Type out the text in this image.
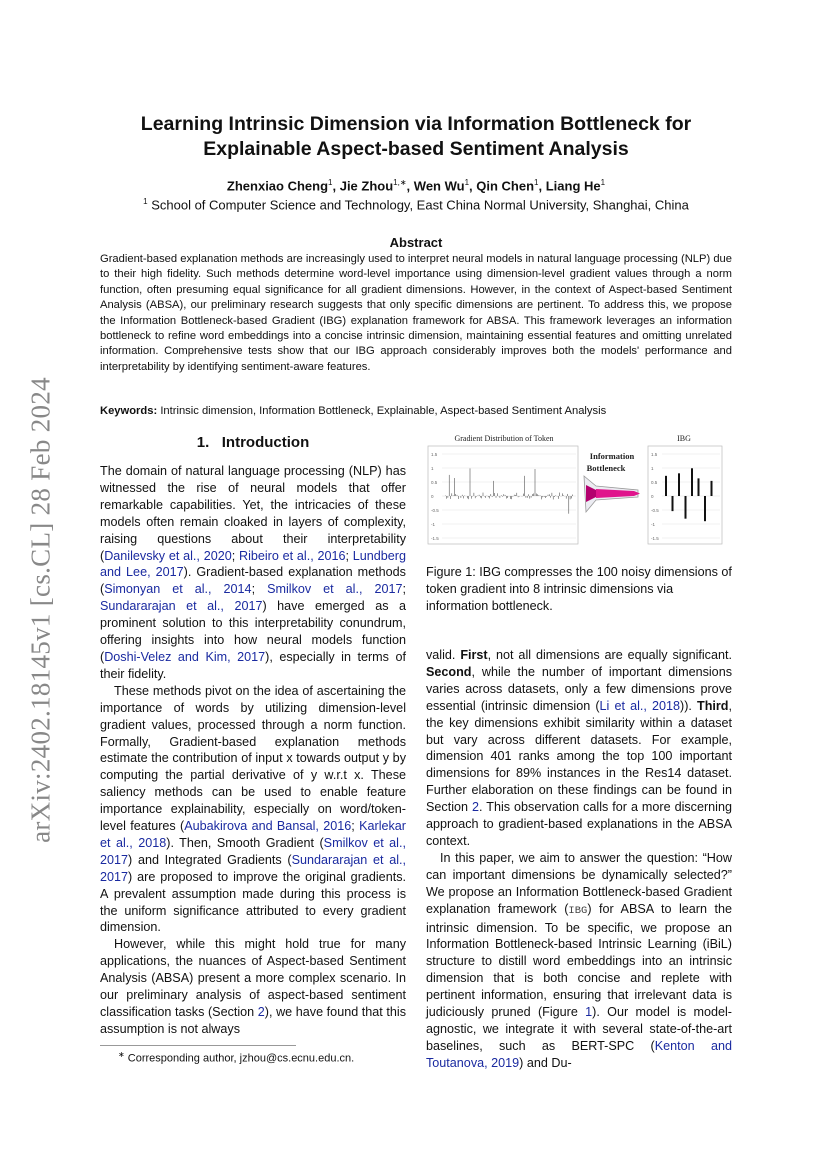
arXiv:2402.18145v1 [cs.CL] 28 Feb 2024
Learning Intrinsic Dimension via Information Bottleneck for Explainable Aspect-based Sentiment Analysis
Zhenxiao Cheng$^1$, Jie Zhou$^{1,∗}$, Wen Wu$^1$, Qin Chen$^1$, Liang He$^1$
$^1$ School of Computer Science and Technology, East China Normal University, Shanghai, China
Abstract
Gradient-based explanation methods are increasingly used to interpret neural models in natural language processing (NLP) due to their high fidelity. Such methods determine word-level importance using dimension-level gradient values through a norm function, often presuming equal significance for all gradient dimensions. However, in the context of Aspect-based Sentiment Analysis (ABSA), our preliminary research suggests that only specific dimensions are pertinent. To address this, we propose the Information Bottleneck-based Gradient (IBG) explanation framework for ABSA. This framework leverages an information bottleneck to refine word embeddings into a concise intrinsic dimension, maintaining essential features and omitting unrelated information. Comprehensive tests show that our IBG approach considerably improves both the models' performance and interpretability by identifying sentiment-aware features.
Keywords: Intrinsic dimension, Information Bottleneck, Explainable, Aspect-based Sentiment Analysis
1. Introduction

The domain of natural language processing (NLP) has witnessed the rise of neural models that offer remarkable capabilities. Yet, the intricacies of these models often remain cloaked in layers of complexity, raising questions about their interpretability (Danilevsky et al., 2020; Ribeiro et al., 2016; Lundberg and Lee, 2017). Gradient-based explanation methods (Simonyan et al., 2014; Smilkov et al., 2017; Sundararajan et al., 2017) have emerged as a prominent solution to this interpretability conundrum, offering insights into how neural models function (Doshi-Velez and Kim, 2017), especially in terms of their fidelity.

These methods pivot on the idea of ascertaining the importance of words by utilizing dimension-level gradient values, processed through a norm function. Formally, Gradient-based explanation methods estimate the contribution of input x towards output y by computing the partial derivative of y w.r.t x. These saliency methods can be used to enable feature importance explainability, especially on word/token-level features (Aubakirova and Bansal, 2016; Karlekar et al., 2018). Then, Smooth Gradient (Smilkov et al., 2017) and Integrated Gradients (Sundararajan et al., 2017) are proposed to improve the original gradients. A prevalent assumption made during this process is the uniform significance attributed to every gradient dimension.

However, while this might hold true for many applications, the nuances of Aspect-based Sentiment Analysis (ABSA) present a more complex scenario. In our preliminary analysis of aspect-based sentiment classification tasks (Section 2), we have found that this assumption is not always

Gradient Distribution of Token	IBG
1.5
1
0.5
0
-0.5
-1
-1.5
1.5
1
0.5
0
-0.5
-1
-1.5
Information
Bottleneck
Figure 1: IBG compresses the 100 noisy dimensions of token gradient into 8 intrinsic dimensions via information bottleneck.

valid. First, not all dimensions are equally significant. Second, while the number of important dimensions varies across datasets, only a few dimensions prove essential (intrinsic dimension (Li et al., 2018)). Third, the key dimensions exhibit similarity within a dataset but vary across different datasets. For example, dimension 401 ranks among the top 100 important dimensions for 89% instances in the Res14 dataset. Further elaboration on these findings can be found in Section 2. This observation calls for a more discerning approach to gradient-based explanations in the ABSA context.

In this paper, we aim to answer the question: “How can important dimensions be dynamically selected?” We propose an Information Bottleneck-based Gradient explanation framework (IBG) for ABSA to learn the intrinsic dimension. To be specific, we propose an Information Bottleneck-based Intrinsic Learning (iBiL) structure to distill word embeddings into an intrinsic dimension that is both concise and replete with pertinent information, ensuring that irrelevant data is judiciously pruned (Figure 1). Our model is model-agnostic, we integrate it with several state-of-the-art baselines, such as BERT-SPC (Kenton and Toutanova, 2019) and Du-

∗ Corresponding author, jzhou@cs.ecnu.edu.cn.
